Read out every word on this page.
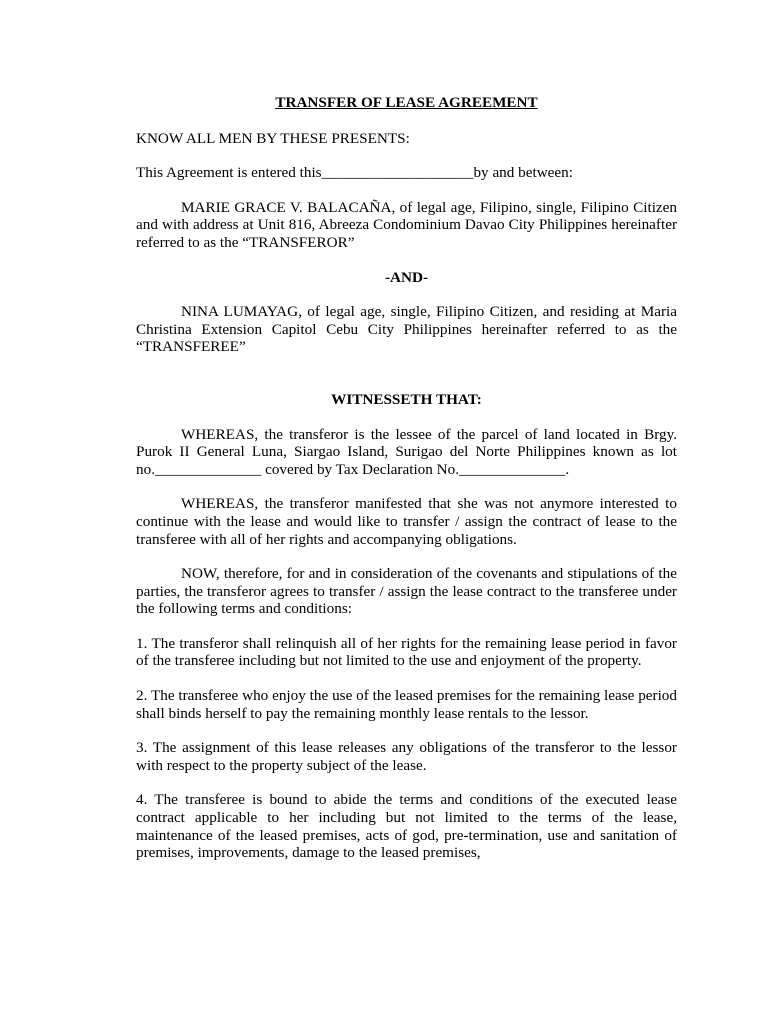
TRANSFER OF LEASE AGREEMENT

KNOW ALL MEN BY THESE PRESENTS:

This Agreement is entered this____________________by and between:

MARIE GRACE V. BALACAÑA, of legal age, Filipino, single, Filipino Citizen and with address at Unit 816, Abreeza Condominium Davao City Philippines hereinafter referred to as the “TRANSFEROR”

-AND-

NINA LUMAYAG, of legal age, single, Filipino Citizen, and residing at Maria Christina Extension Capitol Cebu City Philippines hereinafter referred to as the “TRANSFEREE”

WITNESSETH THAT:

WHEREAS, the transferor is the lessee of the parcel of land located in Brgy. Purok II General Luna, Siargao Island, Surigao del Norte Philippines known as lot no.______________ covered by Tax Declaration No.______________.

WHEREAS, the transferor manifested that she was not anymore interested to continue with the lease and would like to transfer / assign the contract of lease to the transferee with all of her rights and accompanying obligations.

NOW, therefore, for and in consideration of the covenants and stipulations of the parties, the transferor agrees to transfer / assign the lease contract to the transferee under the following terms and conditions:

1. The transferor shall relinquish all of her rights for the remaining lease period in favor of the transferee including but not limited to the use and enjoyment of the property.

2. The transferee who enjoy the use of the leased premises for the remaining lease period shall binds herself to pay the remaining monthly lease rentals to the lessor.

3. The assignment of this lease releases any obligations of the transferor to the lessor with respect to the property subject of the lease.

4. The transferee is bound to abide the terms and conditions of the executed lease contract applicable to her including but not limited to the terms of the lease, maintenance of the leased premises, acts of god, pre-termination, use and sanitation of premises, improvements, damage to the leased premises,
